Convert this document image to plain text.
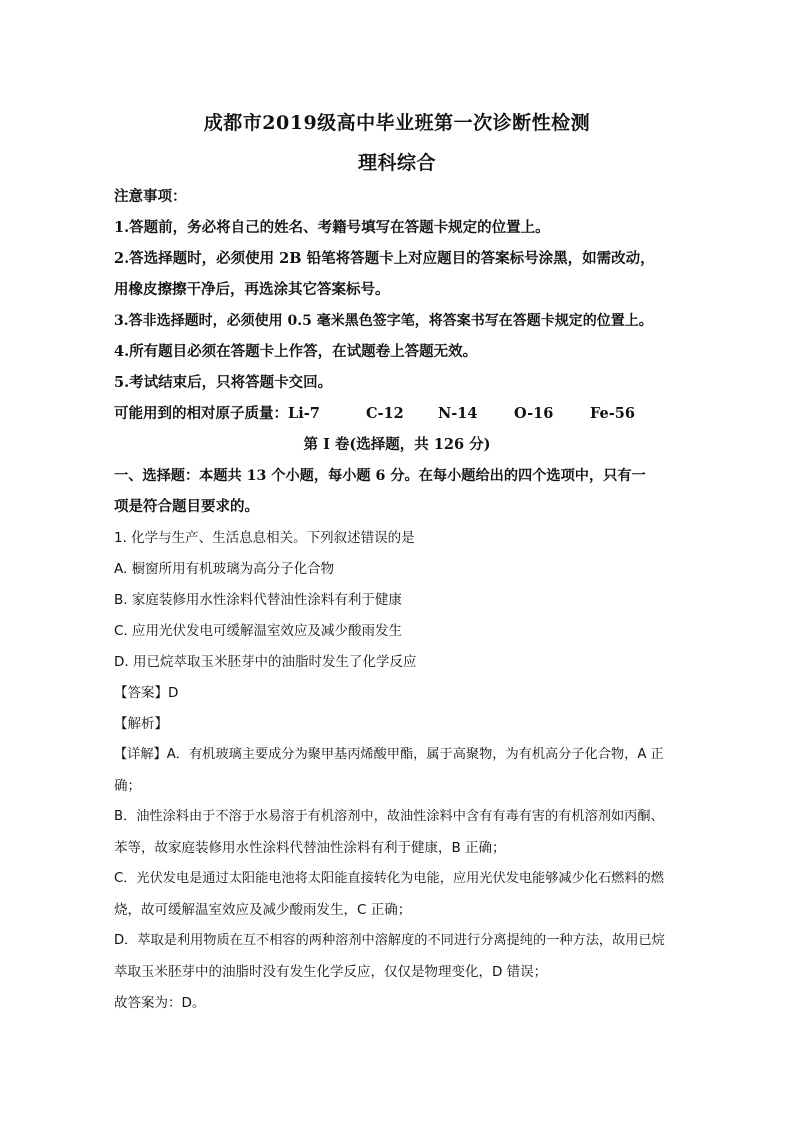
成都市2019级高中毕业班第一次诊断性检测
理科综合
注意事项：
1.答题前，务必将自己的姓名、考籍号填写在答题卡规定的位置上。
2.答选择题时，必须使用 2B 铅笔将答题卡上对应题目的答案标号涂黑，如需改动，
用橡皮擦擦干净后，再选涂其它答案标号。
3.答非选择题时，必须使用 0.5 毫米黑色签字笔，将答案书写在答题卡规定的位置上。
4.所有题目必须在答题卡上作答，在试题卷上答题无效。
5.考试结束后，只将答题卡交回。
可能用到的相对原子质量：Li-7	C-12 N-14	O-16	Fe-56
第 I 卷(选择题，共 126 分)
一、选择题：本题共 13 个小题，每小题 6 分。在每小题给出的四个选项中，只有一
项是符合题目要求的。
1. 化学与生产、生活息息相关。下列叙述错误的是
A. 橱窗所用有机玻璃为高分子化合物
B. 家庭装修用水性涂料代替油性涂料有利于健康
C. 应用光伏发电可缓解温室效应及减少酸雨发生
D. 用已烷萃取玉米胚芽中的油脂时发生了化学反应
【答案】D
【解析】
【详解】A．有机玻璃主要成分为聚甲基丙烯酸甲酯，属于高聚物，为有机高分子化合物，A 正
确；
B．油性涂料由于不溶于水易溶于有机溶剂中，故油性涂料中含有有毒有害的有机溶剂如丙酮、
苯等，故家庭装修用水性涂料代替油性涂料有利于健康，B 正确；
C．光伏发电是通过太阳能电池将太阳能直接转化为电能，应用光伏发电能够减少化石燃料的燃
烧，故可缓解温室效应及减少酸雨发生，C 正确；
D．萃取是利用物质在互不相容的两种溶剂中溶解度的不同进行分离提纯的一种方法，故用已烷
萃取玉米胚芽中的油脂时没有发生化学反应，仅仅是物理变化，D 错误；
故答案为：D。
